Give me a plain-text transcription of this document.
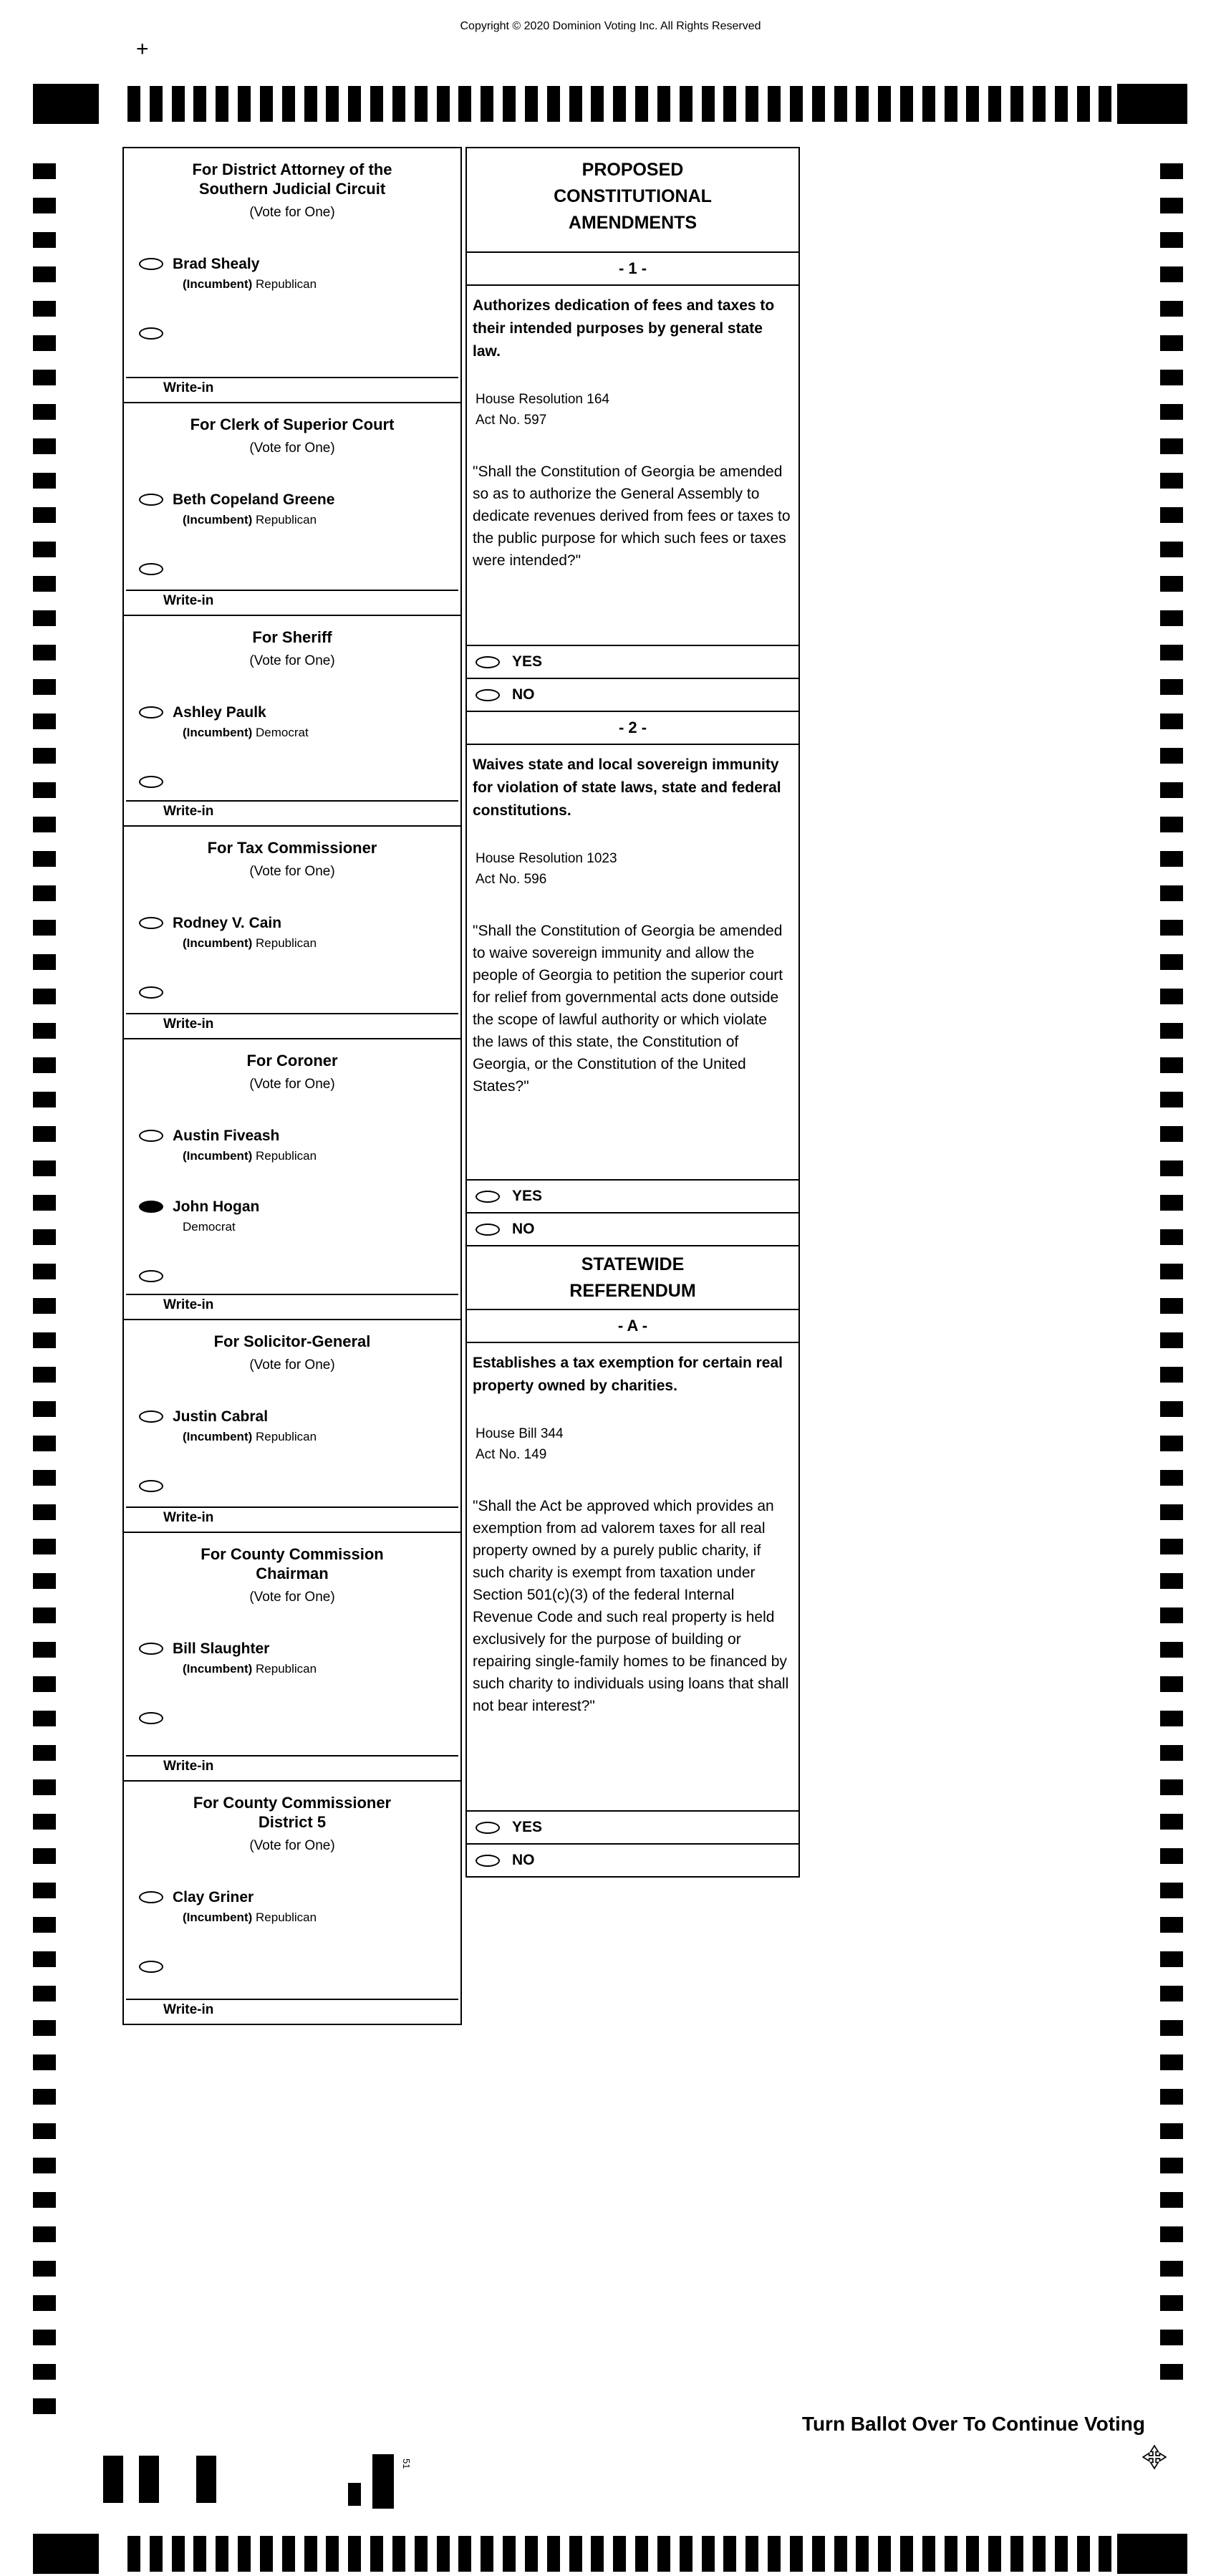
Copyright © 2020 Dominion Voting Inc. All Rights Reserved
+
For District Attorney of the
Southern Judicial Circuit
(Vote for One)
Brad Shealy
(Incumbent) Republican
Write-in
For Clerk of Superior Court
(Vote for One)
Beth Copeland Greene
(Incumbent) Republican
Write-in
For Sheriff
(Vote for One)
Ashley Paulk
(Incumbent) Democrat
Write-in
For Tax Commissioner
(Vote for One)
Rodney V. Cain
(Incumbent) Republican
Write-in
For Coroner
(Vote for One)
Austin Fiveash
(Incumbent) Republican
John Hogan
Democrat
Write-in
For Solicitor-General
(Vote for One)
Justin Cabral
(Incumbent) Republican
Write-in
For County Commission
Chairman
(Vote for One)
Bill Slaughter
(Incumbent) Republican
Write-in
For County Commissioner
District 5
(Vote for One)
Clay Griner
(Incumbent) Republican
Write-in
PROPOSED
CONSTITUTIONAL
AMENDMENTS
- 1 -
Authorizes dedication of fees and taxes to their intended purposes by general state law.
House Resolution 164
Act No. 597
"Shall the Constitution of Georgia be amended so as to authorize the General Assembly to dedicate revenues derived from fees or taxes to the public purpose for which such fees or taxes were intended?"
YES
NO
- 2 -
Waives state and local sovereign immunity for violation of state laws, state and federal constitutions.
House Resolution 1023
Act No. 596
"Shall the Constitution of Georgia be amended to waive sovereign immunity and allow the people of Georgia to petition the superior court for relief from governmental acts done outside the scope of lawful authority or which violate the laws of this state, the Constitution of Georgia, or the Constitution of the United States?"
YES
NO
STATEWIDE
REFERENDUM
- A -
Establishes a tax exemption for certain real property owned by charities.
House Bill 344
Act No. 149
"Shall the Act be approved which provides an exemption from ad valorem taxes for all real property owned by a purely public charity, if such charity is exempt from taxation under Section 501(c)(3) of the federal Internal Revenue Code and such real property is held exclusively for the purpose of building or repairing single-family homes to be financed by such charity to individuals using loans that shall not bear interest?"
YES
NO
51
Turn Ballot Over To Continue Voting
